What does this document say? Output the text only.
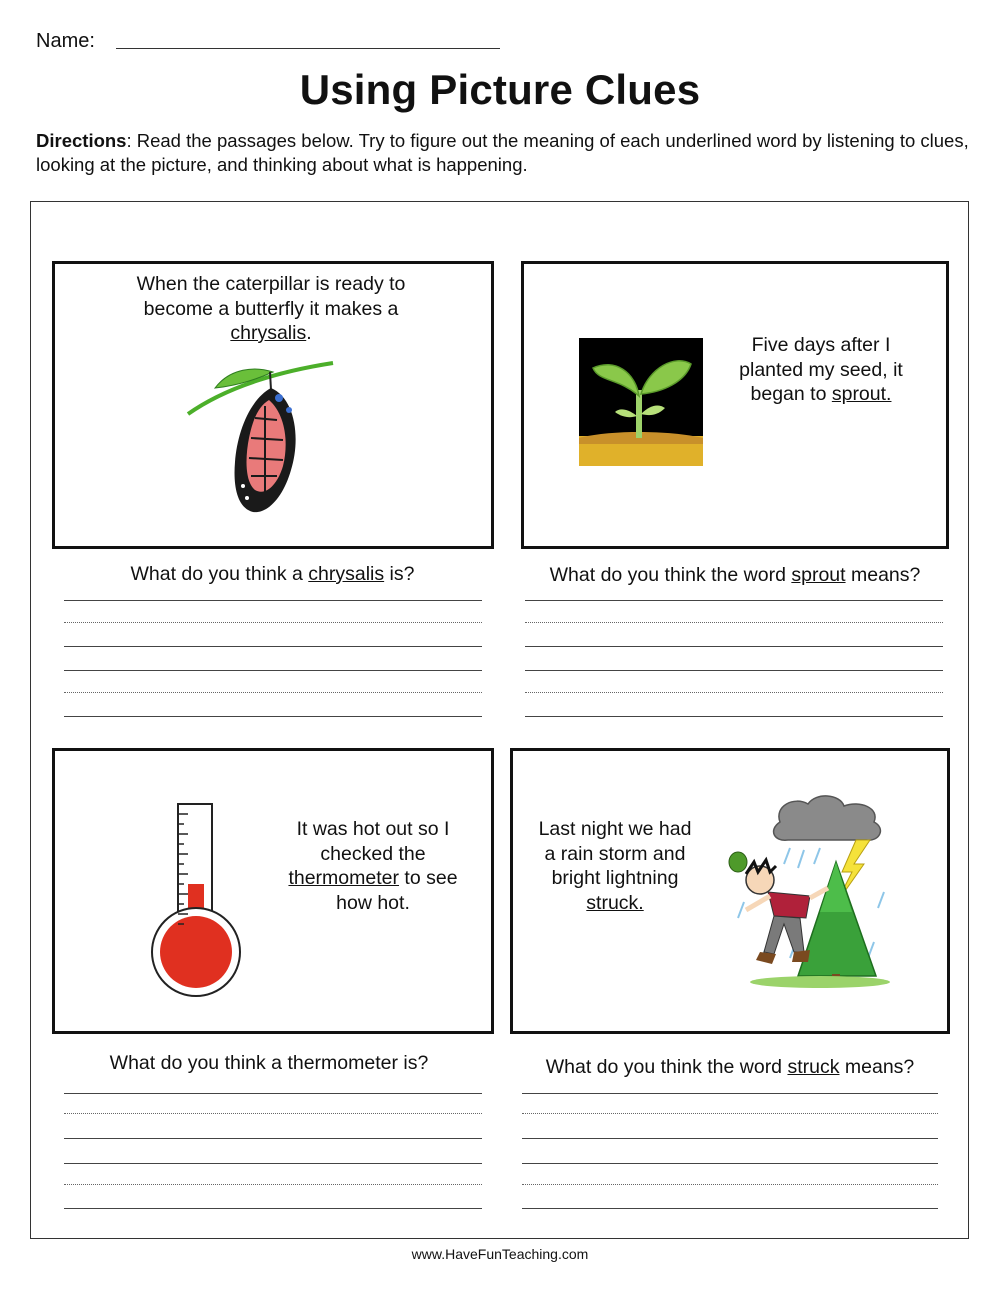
Name:
Using Picture Clues
Directions: Read the passages below. Try to figure out the meaning of each underlined word by listening to clues, looking at the picture, and thinking about what is happening.
When the caterpillar is ready to become a butterfly it makes a chrysalis.
What do you think a chrysalis is?
Five days after I planted my seed, it began to sprout.
What do you think the word sprout means?
It was hot out so I checked the thermometer to see how hot.
What do you think a thermometer is?
Last night we had a rain storm and bright lightning struck.
What do you think the word struck means?
www.HaveFunTeaching.com
